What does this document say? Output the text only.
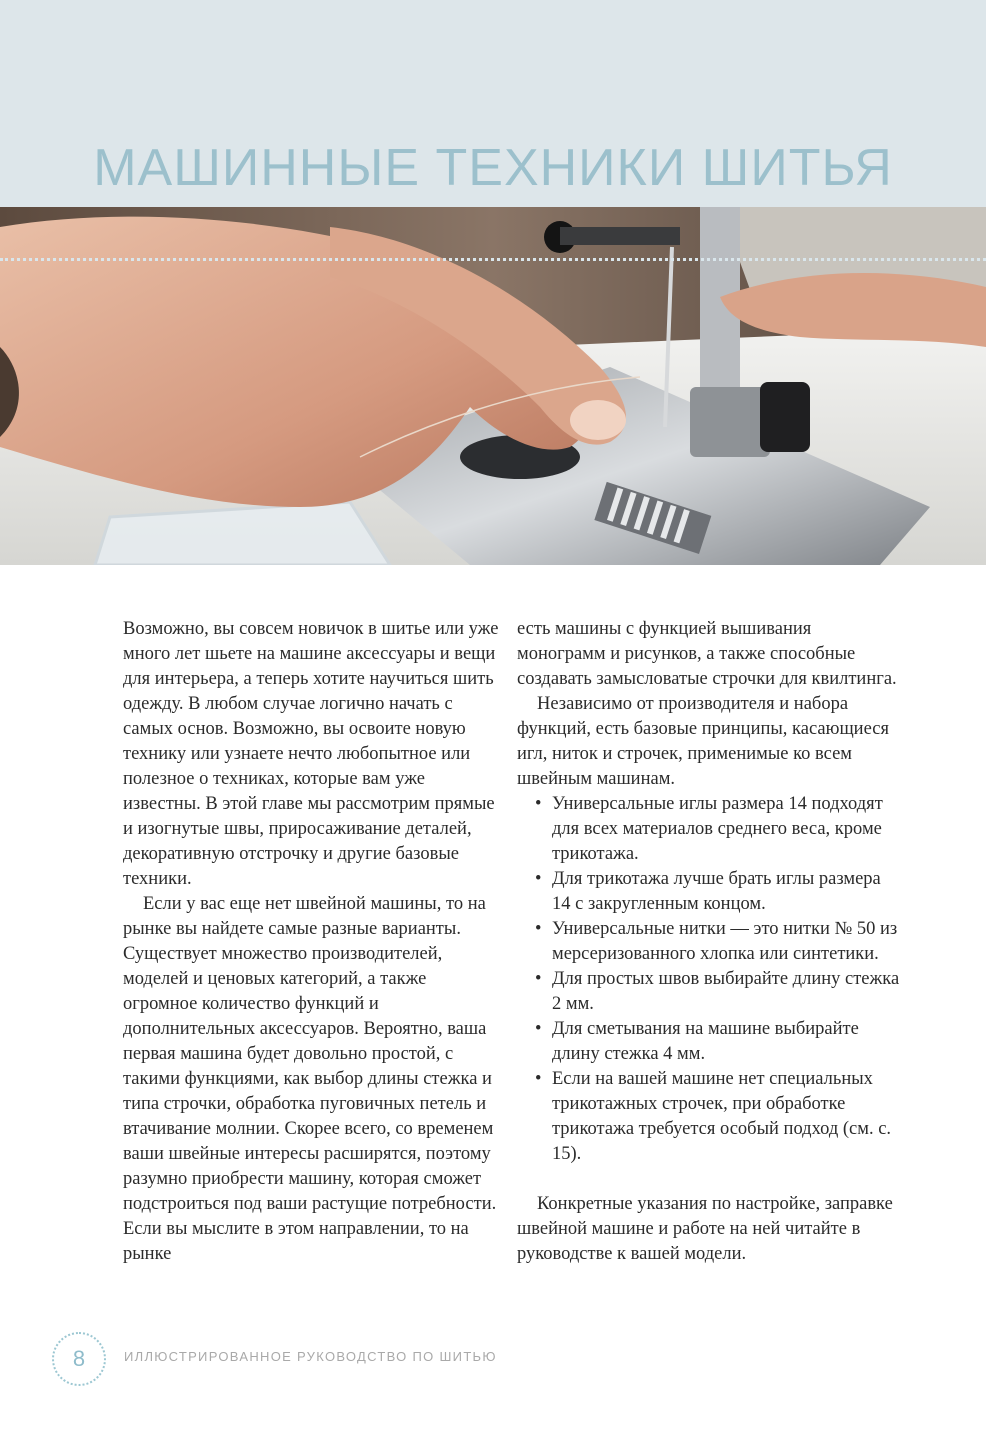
МАШИННЫЕ ТЕХНИКИ ШИТЬЯ

Возможно, вы совсем новичок в шитье или уже много лет шьете на машине аксессуары и вещи для интерьера, а теперь хотите научиться шить одежду. В любом случае логично начать с самых основ. Возможно, вы освоите новую технику или узнаете нечто любопытное или полезное о техниках, которые вам уже известны. В этой главе мы рассмотрим прямые и изогнутые швы, приросаживание деталей, декоративную отстрочку и другие базовые техники.

Если у вас еще нет швейной машины, то на рынке вы найдете самые разные варианты. Существует множество производителей, моделей и ценовых категорий, а также огромное количество функций и дополнительных аксессуаров. Вероятно, ваша первая машина будет довольно простой, с такими функциями, как выбор длины стежка и типа строчки, обработка пуговичных петель и втачивание молнии. Скорее всего, со временем ваши швейные интересы расширятся, поэтому разумно приобрести машину, которая сможет подстроиться под ваши растущие потребности. Если вы мыслите в этом направлении, то на рынке

есть машины с функцией вышивания монограмм и рисунков, а также способные создавать замысловатые строчки для квилтинга.

Независимо от производителя и набора функций, есть базовые принципы, касающиеся игл, ниток и строчек, применимые ко всем швейным машинам.

• Универсальные иглы размера 14 подходят для всех материалов среднего веса, кроме трикотажа.
• Для трикотажа лучше брать иглы размера 14 с закругленным концом.
• Универсальные нитки — это нитки № 50 из мерсеризованного хлопка или синтетики.
• Для простых швов выбирайте длину стежка 2 мм.
• Для сметывания на машине выбирайте длину стежка 4 мм.
• Если на вашей машине нет специальных трикотажных строчек, при обработке трикотажа требуется особый подход (см. с. 15).

Конкретные указания по настройке, заправке швейной машине и работе на ней читайте в руководстве к вашей модели.

8	ИЛЛЮСТРИРОВАННОЕ РУКОВОДСТВО ПО ШИТЬЮ
